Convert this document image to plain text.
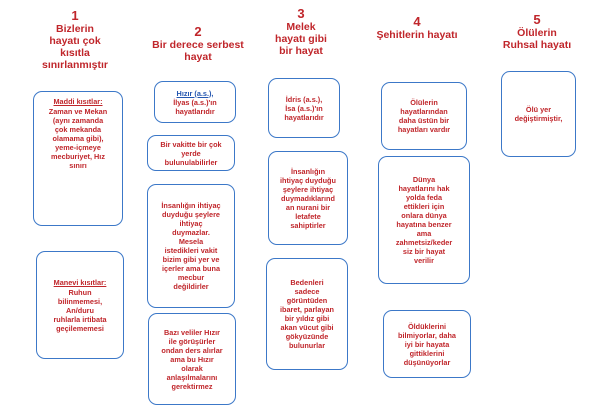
1
Bizlerin
hayatı çok
kısıtla
sınırlanmıştır
2
Bir derece serbest
hayat
3
Melek
hayatı gibi
bir hayat
4
Şehitlerin hayatı
5
Ölülerin
Ruhsal hayatı
Maddi kısıtlar:
Zaman ve Mekan
(aynı zamanda
çok mekanda
olamama gibi),
yeme-içmeye
mecburiyet, Hız
sınırı
Manevi kısıtlar:
Ruhun
bilinmemesi,
An/duru
ruhlarla irtibata
geçilememesi
Hızır (a.s.),
İlyas (a.s.)'ın
hayatlarıdır
Bir vakitte bir çok
yerde
bulunulabilirler
İnsanlığın ihtiyaç
duyduğu şeylere
ihtiyaç
duymazlar.
Mesela
istedikleri vakit
bizim gibi yer ve
içerler ama buna
mecbur
değildirler
Bazı veliler Hızır
ile görüşürler
ondan ders alırlar
ama bu Hızır
olarak
anlaşılmalarını
gerektirmez
İdris (a.s.),
İsa (a.s.)'ın
hayatlarıdır
İnsanlığın
ihtiyaç duyduğu
şeylere ihtiyaç
duymadıklarınd
an nurani bir
letafete
sahiptirler
Bedenleri
sadece
görüntüden
ibaret, parlayan
bir yıldız gibi
akan vücut gibi
gökyüzünde
bulunurlar
Ölülerin
hayatlarından
daha üstün bir
hayatları vardır
Dünya
hayatlarını hak
yolda feda
ettikleri için
onlara dünya
hayatına benzer
ama
zahmetsiz/keder
siz bir hayat
verilir
Öldüklerini
bilmiyorlar, daha
iyi bir hayata
gittiklerini
düşünüyorlar
Ölü yer
değiştirmiştir,
